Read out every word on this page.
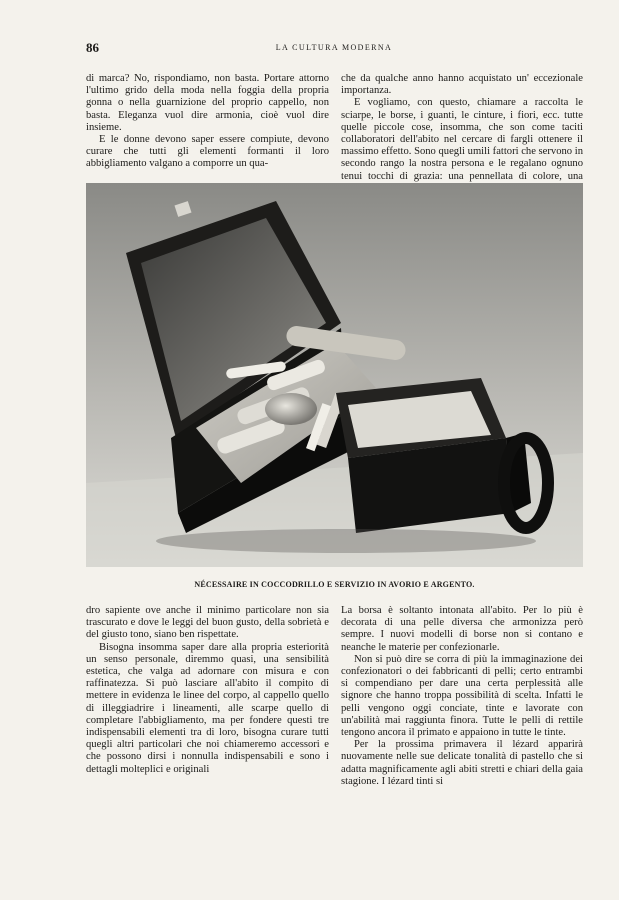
86	LA CULTURA MODERNA

di marca? No, rispondiamo, non basta. Portare attorno l'ultimo grido della moda nella foggia della propria gonna o nella guarnizione del proprio cappello, non basta. Eleganza vuol dire armonia, cioè vuol dire insieme.

E le donne devono saper essere compiute, devono curare che tutti gli elementi formanti il loro abbigliamento valgano a comporre un qua-

che da qualche anno hanno acquistato un' eccezionale importanza.

E vogliamo, con questo, chiamare a raccolta le sciarpe, le borse, i guanti, le cinture, i fiori, ecc. tutte quelle piccole cose, insomma, che son come taciti collaboratori dell'abito nel cercare di fargli ottenere il massimo effetto. Sono quegli umili fattori che servono in secondo rango la nostra persona e le regalano ognuno tenui tocchi di grazia: una pennellata di colore, una

NÉCESSAIRE IN COCCODRILLO E SERVIZIO IN AVORIO E ARGENTO.

dro sapiente ove anche il minimo particolare non sia trascurato e dove le leggi del buon gusto, della sobrietà e del giusto tono, siano ben rispettate.

Bisogna insomma saper dare alla propria esteriorità un senso personale, diremmo quasi, una sensibilità estetica, che valga ad adornare con misura e con raffinatezza. Si può lasciare all'abito il compito di mettere in evidenza le linee del corpo, al cappello quello di illeggiadrire i lineamenti, alle scarpe quello di completare l'abbigliamento, ma per fondere questi tre indispensabili elementi tra di loro, bisogna curare tutti quegli altri particolari che noi chiameremo accessori e che possono dirsi i nonnulla indispensabili e sono i dettagli molteplici e originali

La borsa è soltanto intonata all'abito. Per lo più è decorata di una pelle diversa che armonizza però sempre. I nuovi modelli di borse non si contano e neanche le materie per confezionarle.

Non si può dire se corra di più la immaginazione dei confezionatori o dei fabbricanti di pelli; certo entrambi si compendiano per dare una certa perplessità alle signore che hanno troppa possibilità di scelta. Infatti le pelli vengono oggi conciate, tinte e lavorate con un'abilità mai raggiunta finora. Tutte le pelli di rettile tengono ancora il primato e appaiono in tutte le tinte.

Per la prossima primavera il lézard apparirà nuovamente nelle sue delicate tonalità di pastello che si adatta magnificamente agli abiti stretti e chiari della gaia stagione. I lézard tinti si
